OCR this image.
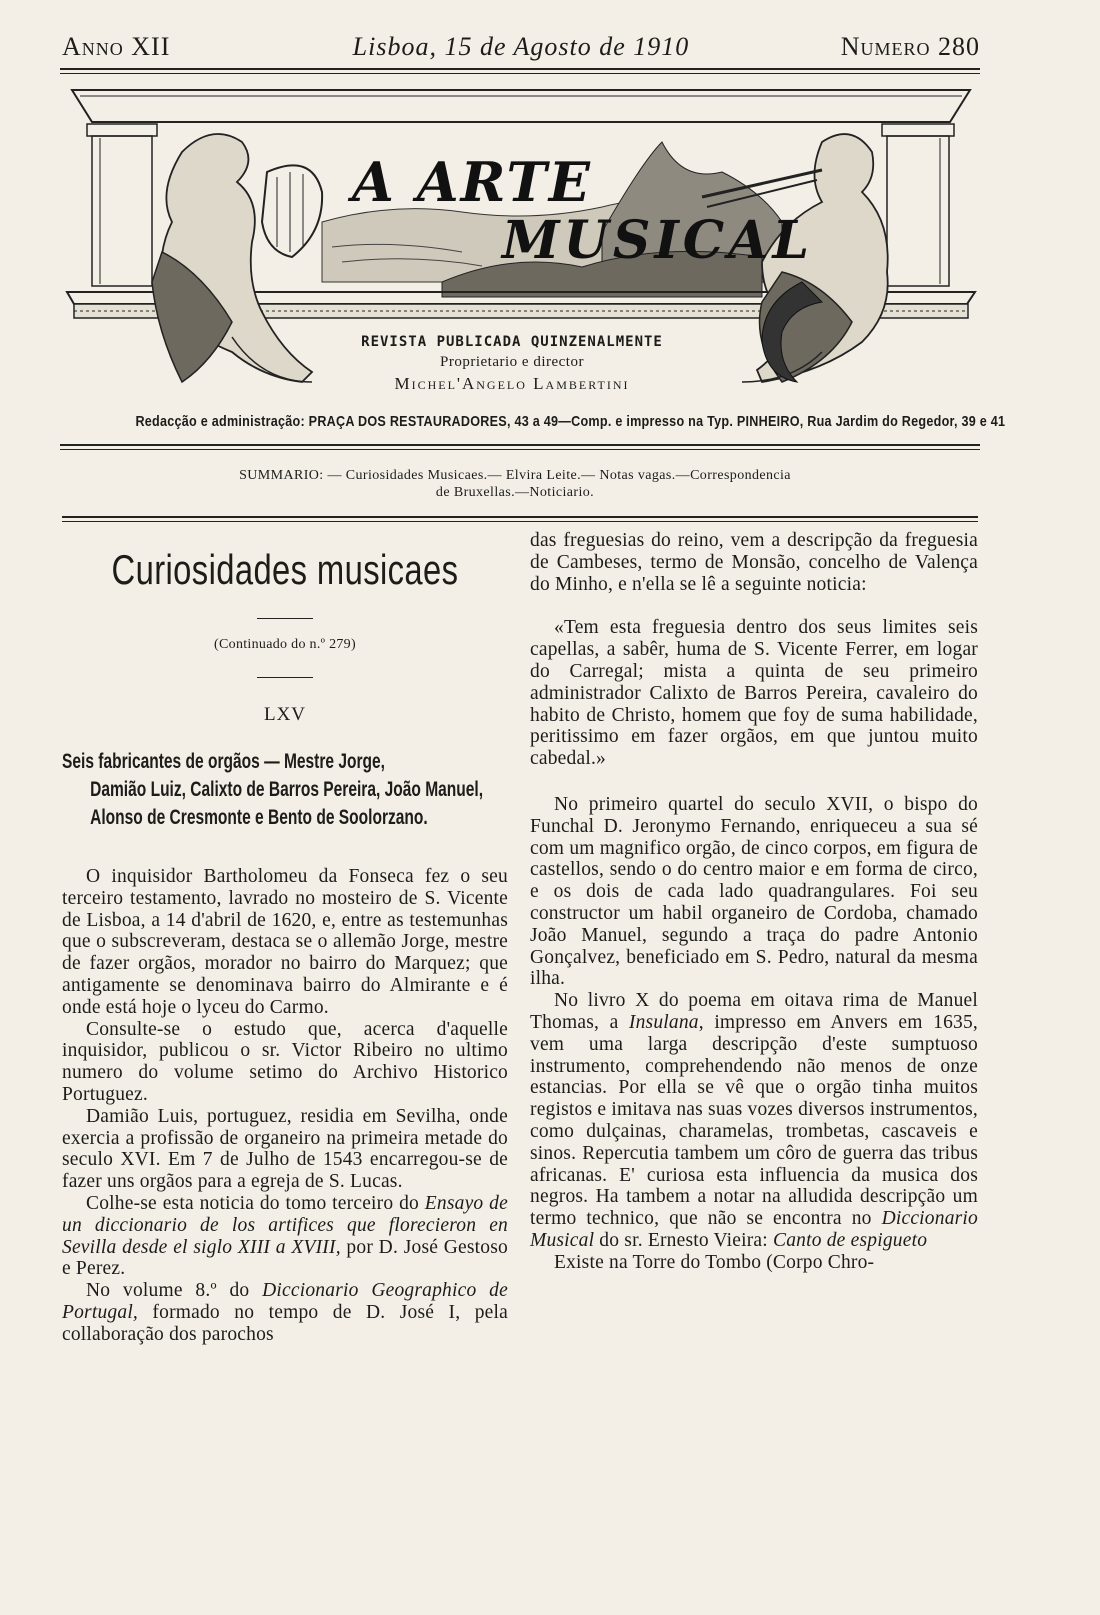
Anno XII	Lisboa, 15 de Agosto de 1910	Numero 280
A ARTE
MUSICAL
REVISTA PUBLICADA QUINZENALMENTE
Proprietario e director
Michel'Angelo Lambertini
Redacção e administração: PRAÇA DOS RESTAURADORES, 43 a 49—Comp. e impresso na Typ. PINHEIRO, Rua Jardim do Regedor, 39 e 41
SUMMARIO: — Curiosidades Musicaes.— Elvira Leite.— Notas vagas.—Correspondencia
de Bruxellas.—Noticiario.
Curiosidades musicaes
(Continuado do n.º 279)
LXV

Seis fabricantes de orgãos — Mestre Jorge,

Damião Luiz, Calixto de Barros Pereira, João Manuel, Alonso de Cresmonte e Bento de Soolorzano.

O inquisidor Bartholomeu da Fonseca fez o seu terceiro testamento, lavrado no mosteiro de S. Vicente de Lisboa, a 14 d'abril de 1620, e, entre as testemunhas que o subscreveram, destaca se o allemão Jorge, mestre de fazer orgãos, morador no bairro do Marquez; que antigamente se denominava bairro do Almirante e é onde está hoje o lyceu do Carmo.

Consulte-se o estudo que, acerca d'aquelle inquisidor, publicou o sr. Victor Ribeiro no ultimo numero do volume setimo do Archivo Historico Portuguez.

Damião Luis, portuguez, residia em Sevilha, onde exercia a profissão de organeiro na primeira metade do seculo XVI. Em 7 de Julho de 1543 encarregou-se de fazer uns orgãos para a egreja de S. Lucas.

Colhe-se esta noticia do tomo terceiro do Ensayo de un diccionario de los artifices que florecieron en Sevilla desde el siglo XIII a XVIII, por D. José Gestoso e Perez.

No volume 8.º do Diccionario Geographico de Portugal, formado no tempo de D. José I, pela collaboração dos parochos

das freguesias do reino, vem a descripção da freguesia de Cambeses, termo de Monsão, concelho de Valença do Minho, e n'ella se lê a seguinte noticia:

«Tem esta freguesia dentro dos seus limites seis capellas, a sabêr, huma de S. Vicente Ferrer, em logar do Carregal; mista a quinta de seu primeiro administrador Calixto de Barros Pereira, cavaleiro do habito de Christo, homem que foy de suma habilidade, peritissimo em fazer orgãos, em que juntou muito cabedal.»

No primeiro quartel do seculo XVII, o bispo do Funchal D. Jeronymo Fernando, enriqueceu a sua sé com um magnifico orgão, de cinco corpos, em figura de castellos, sendo o do centro maior e em forma de circo, e os dois de cada lado quadrangulares. Foi seu constructor um habil organeiro de Cordoba, chamado João Manuel, segundo a traça do padre Antonio Gonçalvez, beneficiado em S. Pedro, natural da mesma ilha.

No livro X do poema em oitava rima de Manuel Thomas, a Insulana, impresso em Anvers em 1635, vem uma larga descripção d'este sumptuoso instrumento, comprehendendo não menos de onze estancias. Por ella se vê que o orgão tinha muitos registos e imitava nas suas vozes diversos instrumentos, como dulçainas, charamelas, trombetas, cascaveis e sinos. Repercutia tambem um côro de guerra das tribus africanas. E' curiosa esta influencia da musica dos negros. Ha tambem a notar na alludida descripção um termo technico, que não se encontra no Diccionario Musical do sr. Ernesto Vieira: Canto de espigueto

Existe na Torre do Tombo (Corpo Chro-
